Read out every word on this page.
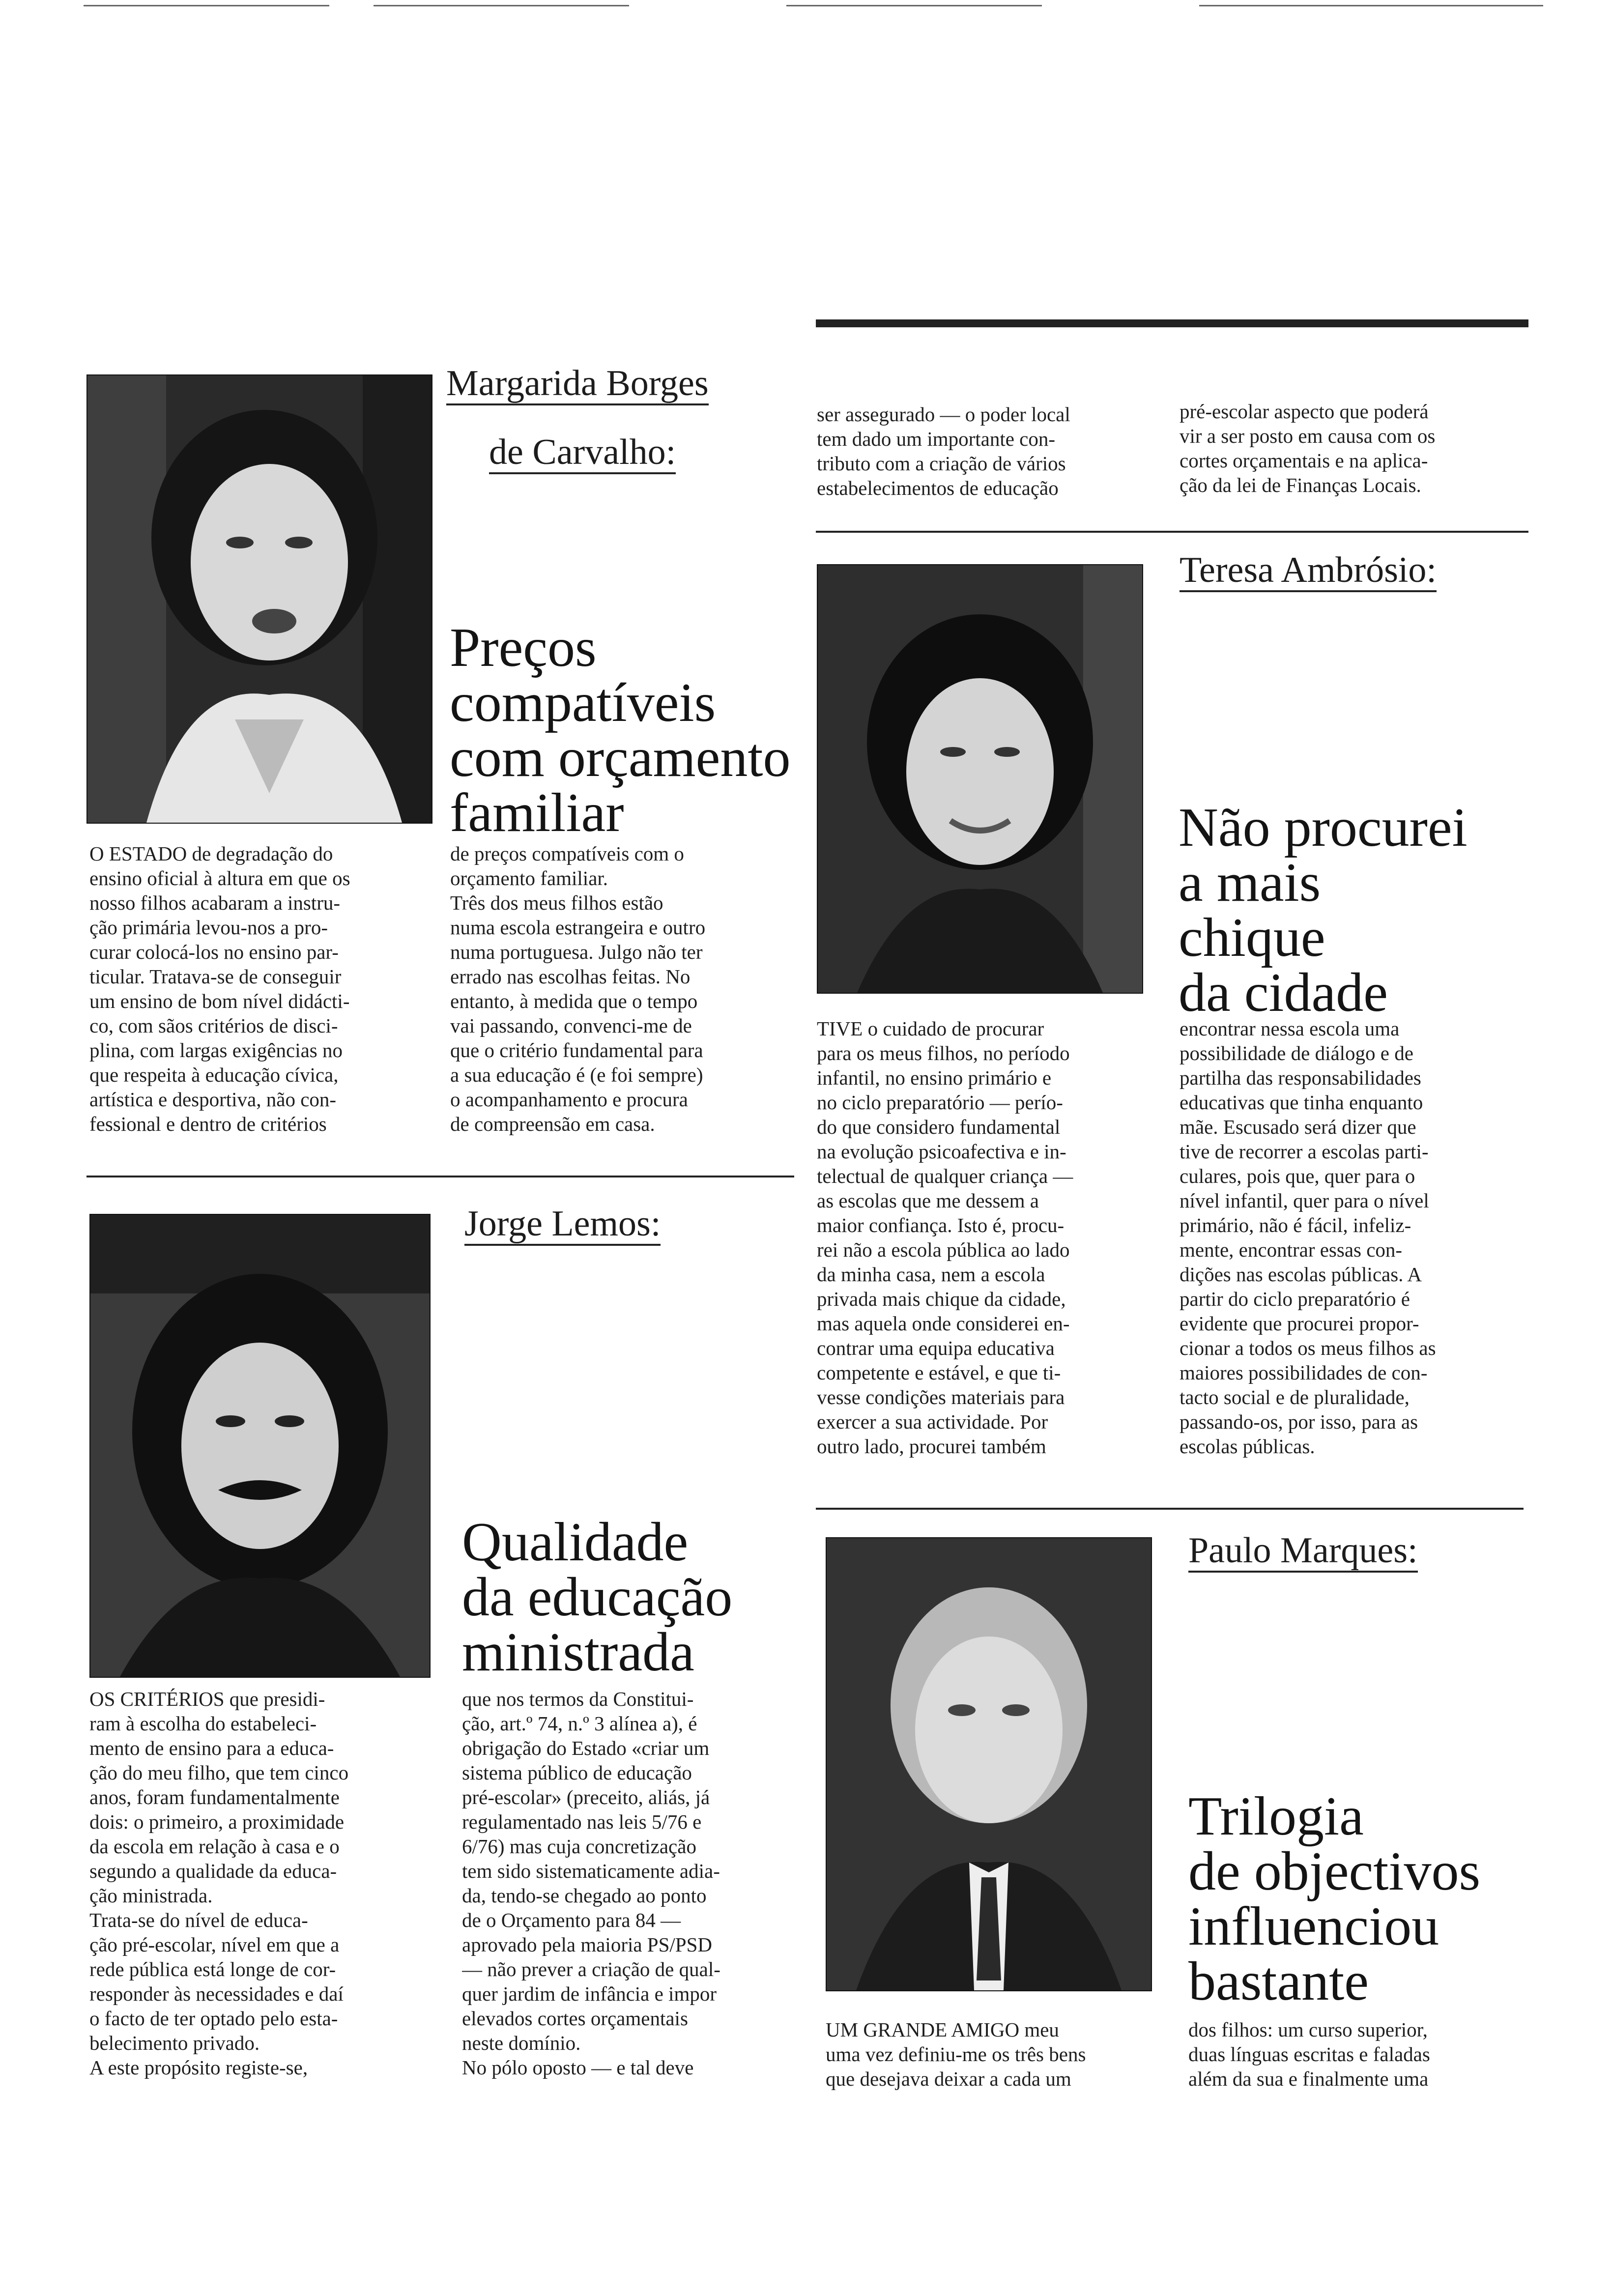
Margarida Borges
de Carvalho:
Preços
compatíveis
com orçamento
familiar
O ESTADO de degradação do
ensino oficial à altura em que os
nosso filhos acabaram a instru-
ção primária levou-nos a pro-
curar colocá-los no ensino par-
ticular. Tratava-se de conseguir
um ensino de bom nível didácti-
co, com sãos critérios de disci-
plina, com largas exigências no
que respeita à educação cívica,
artística e desportiva, não con-
fessional e dentro de critérios
de preços compatíveis com o
orçamento familiar.
Três dos meus filhos estão
numa escola estrangeira e outro
numa portuguesa. Julgo não ter
errado nas escolhas feitas. No
entanto, à medida que o tempo
vai passando, convenci-me de
que o critério fundamental para
a sua educação é (e foi sempre)
o acompanhamento e procura
de compreensão em casa.
ser assegurado — o poder local
tem dado um importante con-
tributo com a criação de vários
estabelecimentos de educação
pré-escolar aspecto que poderá
vir a ser posto em causa com os
cortes orçamentais e na aplica-
ção da lei de Finanças Locais.
Teresa Ambrósio:
Não procurei
a mais
chique
da cidade
TIVE o cuidado de procurar
para os meus filhos, no período
infantil, no ensino primário e
no ciclo preparatório — perío-
do que considero fundamental
na evolução psicoafectiva e in-
telectual de qualquer criança —
as escolas que me dessem a
maior confiança. Isto é, procu-
rei não a escola pública ao lado
da minha casa, nem a escola
privada mais chique da cidade,
mas aquela onde considerei en-
contrar uma equipa educativa
competente e estável, e que ti-
vesse condições materiais para
exercer a sua actividade. Por
outro lado, procurei também
encontrar nessa escola uma
possibilidade de diálogo e de
partilha das responsabilidades
educativas que tinha enquanto
mãe. Escusado será dizer que
tive de recorrer a escolas parti-
culares, pois que, quer para o
nível infantil, quer para o nível
primário, não é fácil, infeliz-
mente, encontrar essas con-
dições nas escolas públicas. A
partir do ciclo preparatório é
evidente que procurei propor-
cionar a todos os meus filhos as
maiores possibilidades de con-
tacto social e de pluralidade,
passando-os, por isso, para as
escolas públicas.
Jorge Lemos:
Qualidade
da educação
ministrada
OS CRITÉRIOS que presidi-
ram à escolha do estabeleci-
mento de ensino para a educa-
ção do meu filho, que tem cinco
anos, foram fundamentalmente
dois: o primeiro, a proximidade
da escola em relação à casa e o
segundo a qualidade da educa-
ção ministrada.
Trata-se do nível de educa-
ção pré-escolar, nível em que a
rede pública está longe de cor-
responder às necessidades e daí
o facto de ter optado pelo esta-
belecimento privado.
A este propósito registe-se,
que nos termos da Constitui-
ção, art.º 74, n.º 3 alínea a), é
obrigação do Estado «criar um
sistema público de educação
pré-escolar» (preceito, aliás, já
regulamentado nas leis 5/76 e
6/76) mas cuja concretização
tem sido sistematicamente adia-
da, tendo-se chegado ao ponto
de o Orçamento para 84 —
aprovado pela maioria PS/PSD
— não prever a criação de qual-
quer jardim de infância e impor
elevados cortes orçamentais
neste domínio.
No pólo oposto — e tal deve
Paulo Marques:
Trilogia
de objectivos
influenciou
bastante
UM GRANDE AMIGO meu
uma vez definiu-me os três bens
que desejava deixar a cada um
dos filhos: um curso superior,
duas línguas escritas e faladas
além da sua e finalmente uma
